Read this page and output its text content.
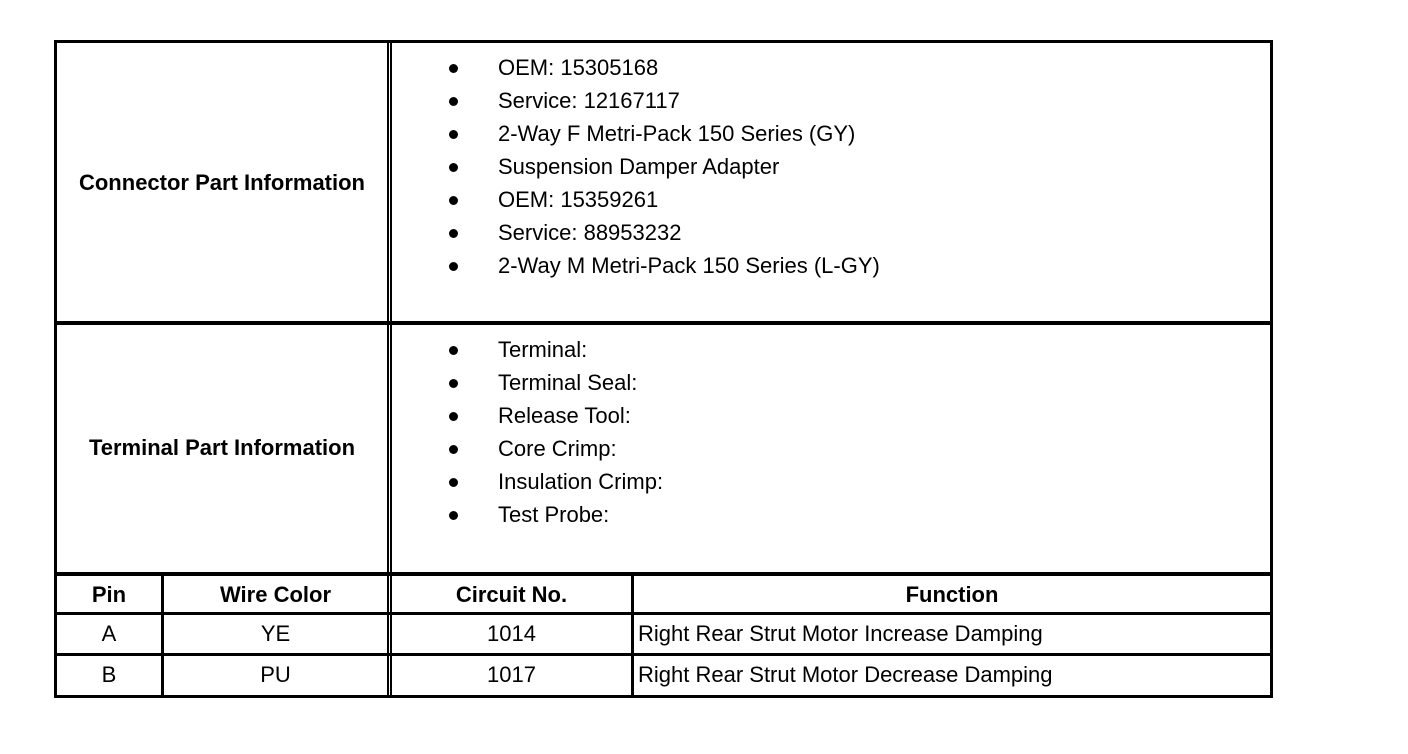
Connector Part Information
OEM: 15305168
Service: 12167117
2-Way F Metri-Pack 150 Series (GY)
Suspension Damper Adapter
OEM: 15359261
Service: 88953232
2-Way M Metri-Pack 150 Series (L-GY)
Terminal Part Information
Terminal:
Terminal Seal:
Release Tool:
Core Crimp:
Insulation Crimp:
Test Probe:
Pin	Wire Color	Circuit No.	Function
A	YE	1014	Right Rear Strut Motor Increase Damping
B	PU	1017	Right Rear Strut Motor Decrease Damping
